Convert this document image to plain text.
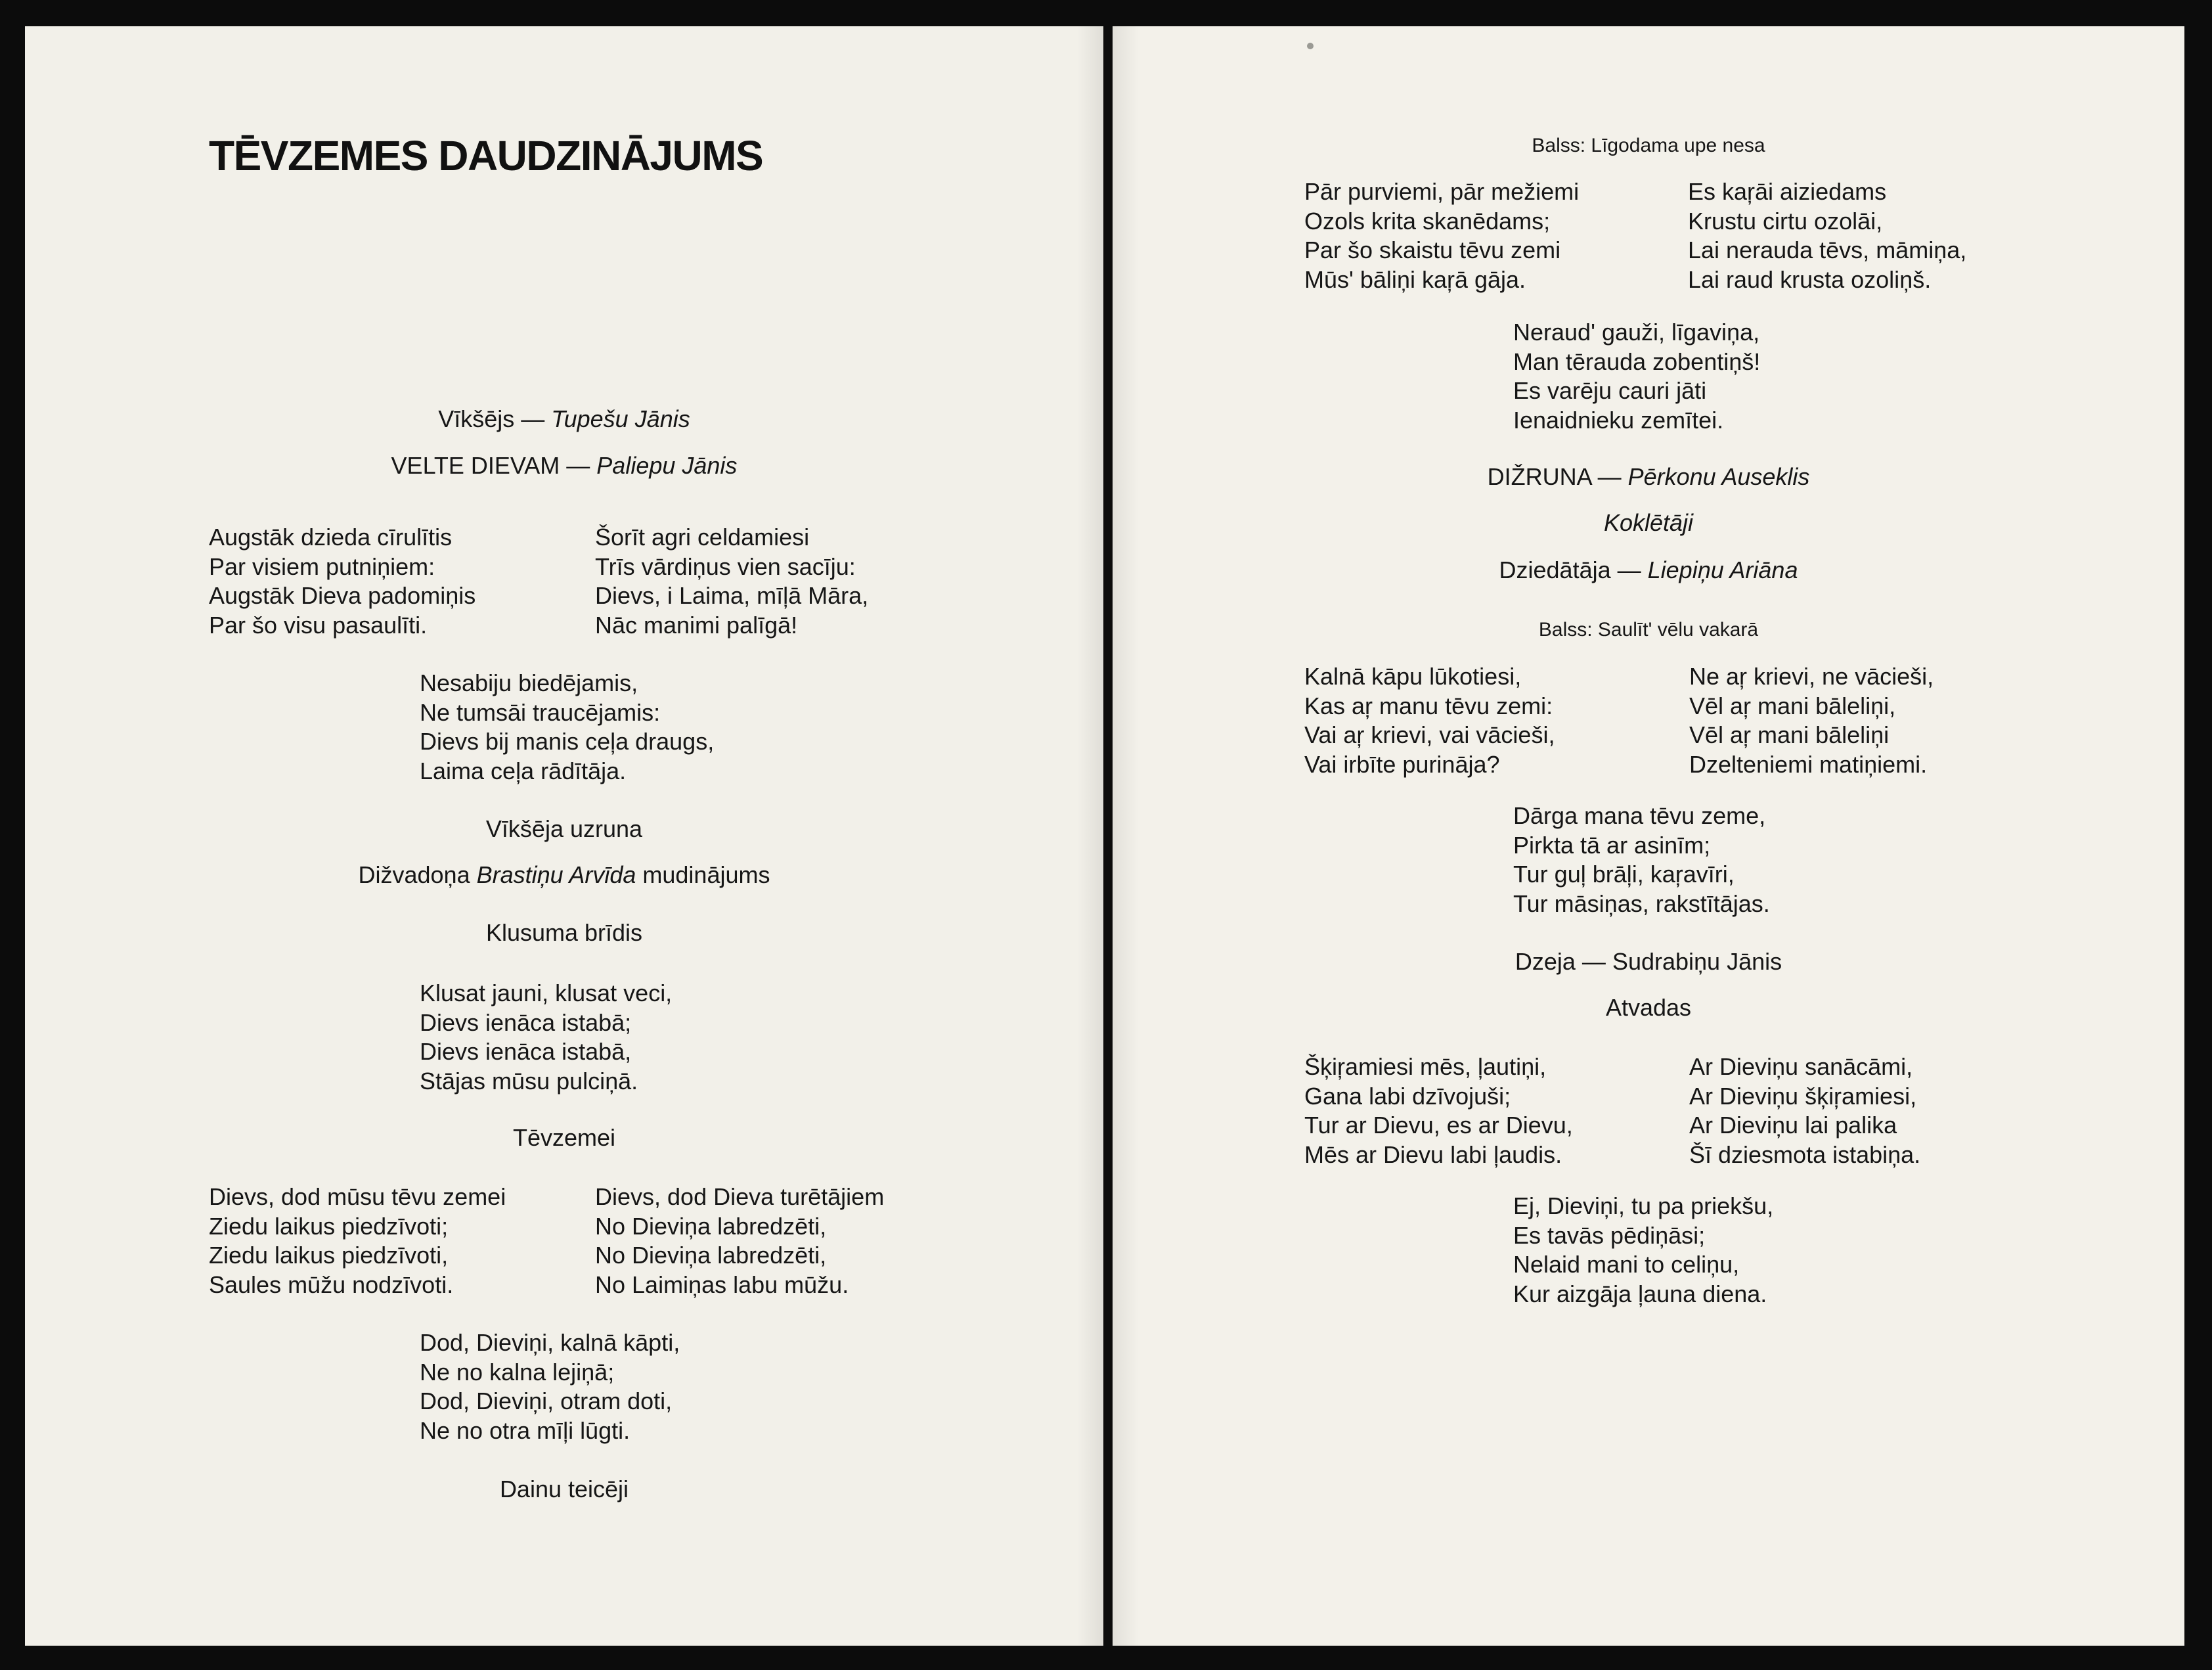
TĒVZEMES DAUDZINĀJUMS
Vīkšējs — Tupešu Jānis
VELTE DIEVAM — Paliepu Jānis
Augstāk dzieda cīrulītis
Par visiem putniņiem:
Augstāk Dieva padomiņis
Par šo visu pasaulīti.
Šorīt agri celdamiesi
Trīs vārdiņus vien sacīju:
Dievs, i Laima, mīļā Māra,
Nāc manimi palīgā!
Nesabiju biedējamis,
Ne tumsāi traucējamis:
Dievs bij manis ceļa draugs,
Laima ceļa rādītāja.
Vīkšēja uzruna
Dižvadoņa Brastiņu Arvīda mudinājums
Klusuma brīdis
Klusat jauni, klusat veci,
Dievs ienāca istabā;
Dievs ienāca istabā,
Stājas mūsu pulciņā.
Tēvzemei
Dievs, dod mūsu tēvu zemei
Ziedu laikus piedzīvoti;
Ziedu laikus piedzīvoti,
Saules mūžu nodzīvoti.
Dievs, dod Dieva turētājiem
No Dieviņa labredzēti,
No Dieviņa labredzēti,
No Laimiņas labu mūžu.
Dod, Dieviņi, kalnā kāpti,
Ne no kalna lejiņā;
Dod, Dieviņi, otram doti,
Ne no otra mīļi lūgti.
Dainu teicēji
Balss: Līgodama upe nesa
Pār purviemi, pār mežiemi
Ozols krita skanēdams;
Par šo skaistu tēvu zemi
Mūs' bāliņi kaŗā gāja.
Es kaŗāi aiziedams
Krustu cirtu ozolāi,
Lai neraud‌a tēvs, māmiņa,
Lai raud krusta ozoliņš.
Neraud' gauži, līgaviņa,
Man tērauda zobentiņš!
Es varēju cauri jāti
Ienaidnieku zemītei.
DIŽRUNA — Pērkonu Auseklis
Koklētāji
Dziedātāja — Liepiņu Ariāna
Balss: Saulīt' vēlu vakarā
Kalnā kāpu lūkotiesi,
Kas aŗ manu tēvu zemi:
Vai aŗ krievi, vai vācieši,
Vai irbīte purināja?
Ne aŗ krievi, ne vācieši,
Vēl aŗ mani bāleliņi,
Vēl aŗ mani bāleliņi
Dzelteniemi matiņiemi.
Dārga mana tēvu zeme,
Pirkta tā ar asinīm;
Tur guļ brāļi, kaŗavīri,
Tur māsiņas, rakstītājas.
Dzeja — Sudrabiņu Jānis
Atvadas
Šķiŗamiesi mēs, ļautiņi,
Gana labi dzīvojuši;
Tur ar Dievu, es ar Dievu,
Mēs ar Dievu labi ļaudis.
Ar Dieviņu sanācāmi,
Ar Dieviņu šķiŗamiesi,
Ar Dieviņu lai palika
Šī dziesmota istabiņa.
Ej, Dieviņi, tu pa priekšu,
Es tavās pēdiņāsi;
Nelaid mani to celiņu,
Kur aizgāja ļauna diena.
